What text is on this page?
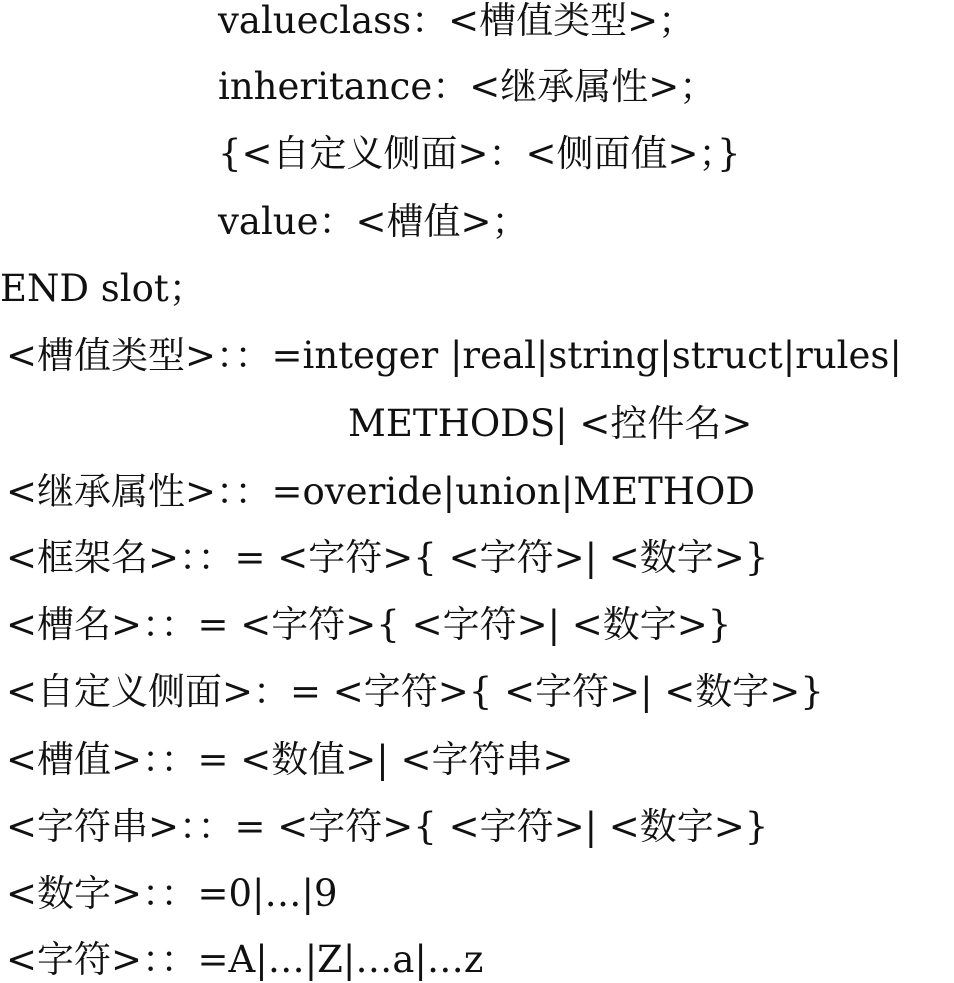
valueclass：<槽值类型>；
inheritance：<继承属性>；
{<自定义侧面>：<侧面值>；}
value：<槽值>；
END slot；
<槽值类型>：：=integer |real|string|struct|rules|
METHODS| <控件名>
<继承属性>：：=overide|union|METHOD
<框架名>：：= <字符>{ <字符>| <数字>}
<槽名>：：= <字符>{ <字符>| <数字>}
<自定义侧面>：= <字符>{ <字符>| <数字>}
<槽值>：：= <数值>| <字符串>
<字符串>：：= <字符>{ <字符>| <数字>}
<数字>：：=0|…|9
<字符>：：=A|…|Z|…a|…z
